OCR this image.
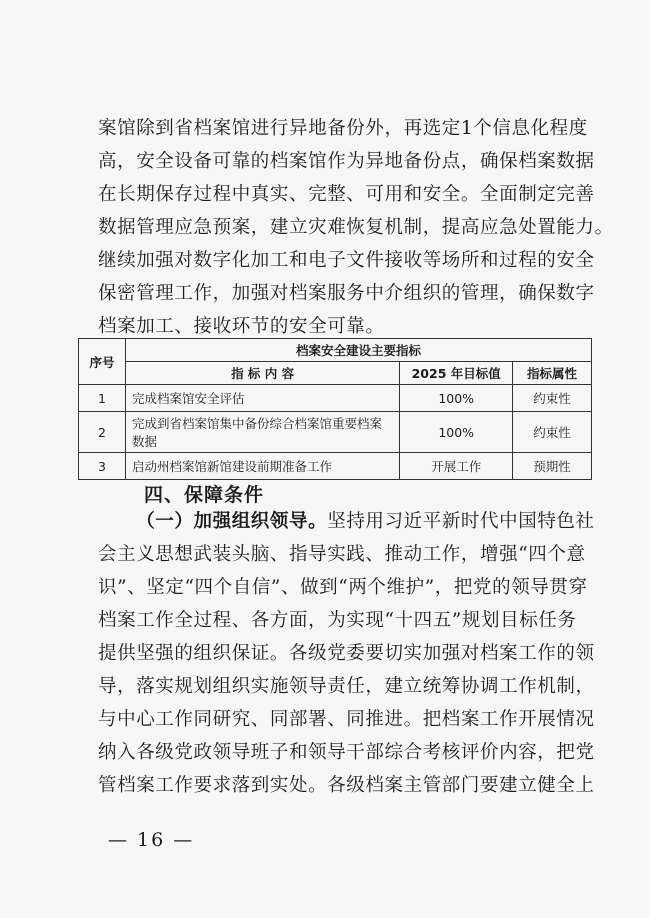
案馆除到省档案馆进行异地备份外，再选定1个信息化程度
高，安全设备可靠的档案馆作为异地备份点，确保档案数据
在长期保存过程中真实、完整、可用和安全。全面制定完善
数据管理应急预案，建立灾难恢复机制，提高应急处置能力。
继续加强对数字化加工和电子文件接收等场所和过程的安全
保密管理工作，加强对档案服务中介组织的管理，确保数字
档案加工、接收环节的安全可靠。
序号	档案安全建设主要指标		
	指 标 内 容	2025 年目标值	指标属性
1	完成档案馆安全评估	100%	约束性
2	完成到省档案馆集中备份综合档案馆重要档案数据	100%	约束性
3	启动州档案馆新馆建设前期准备工作	开展工作	预期性
四、保障条件
  （一）加强组织领导。坚持用习近平新时代中国特色社
会主义思想武装头脑、指导实践、推动工作，增强“四个意
识”、坚定“四个自信”、做到“两个维护”，把党的领导贯穿
档案工作全过程、各方面，为实现“十四五”规划目标任务
提供坚强的组织保证。各级党委要切实加强对档案工作的领
导，落实规划组织实施领导责任，建立统筹协调工作机制，
与中心工作同研究、同部署、同推进。把档案工作开展情况
纳入各级党政领导班子和领导干部综合考核评价内容，把党
管档案工作要求落到实处。各级档案主管部门要建立健全上

— 16 —
